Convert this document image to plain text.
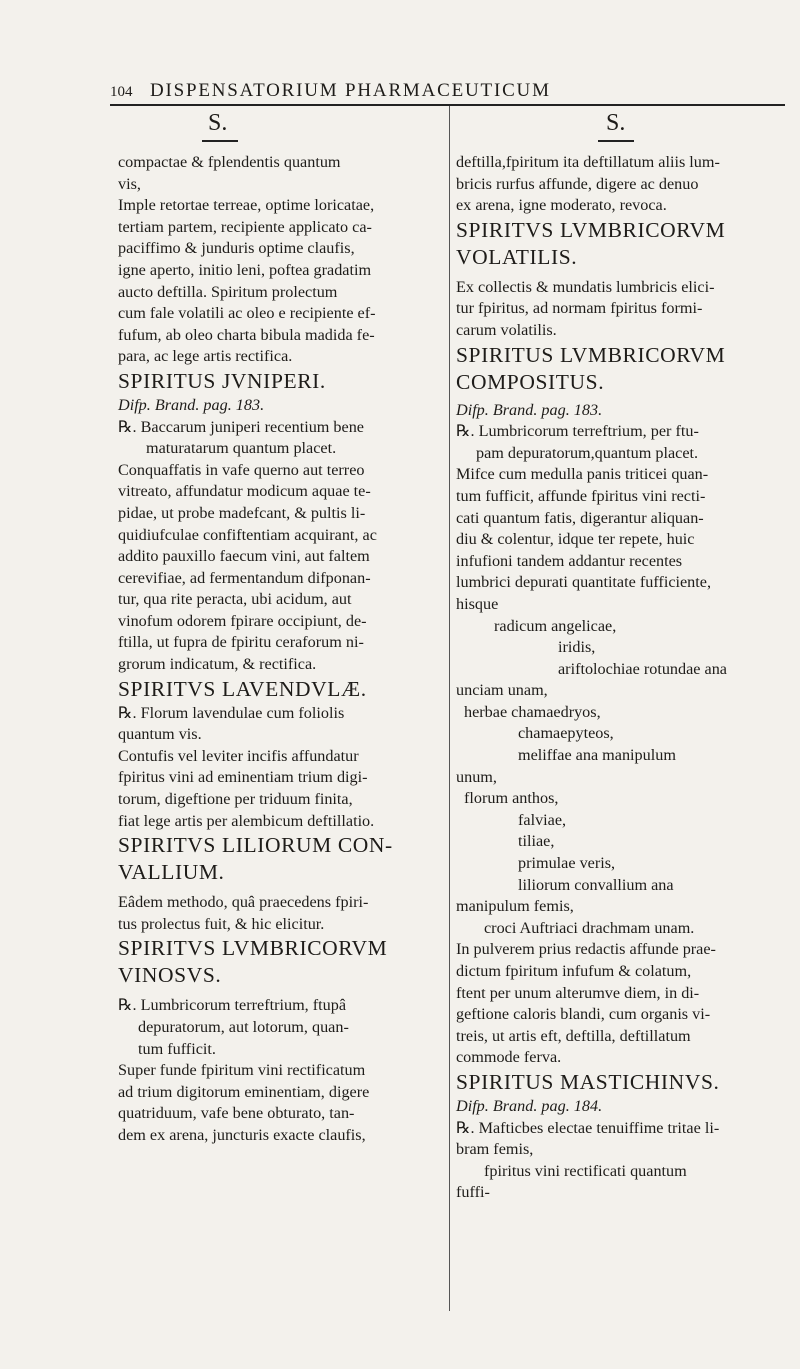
104 DISPENSATORIUM PHARMACEUTICUM
S.	S.

compactae & fplendentis quantum

vis,

Imple retortae terreae, optime loricatae,

tertiam partem, recipiente applicato ca-

paciffimo & junduris optime claufis,

igne aperto, initio leni, poftea gradatim

aucto deftilla. Spiritum prolectum

cum fale volatili ac oleo e recipiente ef-

fufum, ab oleo charta bibula madida fe-

para, ac lege artis rectifica.

SPIRITUS JVNIPERI.

Difp. Brand. pag. 183.

℞. Baccarum juniperi recentium bene

maturatarum quantum placet.

Conquaffatis in vafe querno aut terreo

vitreato, affundatur modicum aquae te-

pidae, ut probe madefcant, & pultis li-

quidiufculae confiftentiam acquirant, ac

addito pauxillo faecum vini, aut faltem

cerevifiae, ad fermentandum difponan-

tur, qua rite peracta, ubi acidum, aut

vinofum odorem fpirare occipiunt, de-

ftilla, ut fupra de fpiritu ceraforum ni-

grorum indicatum, & rectifica.

SPIRITVS LAVENDVLÆ.

℞. Florum lavendulae cum foliolis

quantum vis.

Contufis vel leviter incifis affundatur

fpiritus vini ad eminentiam trium digi-

torum, digeftione per triduum finita,

fiat lege artis per alembicum deftillatio.

SPIRITVS LILIORUM CON-
VALLIUM.

Eâdem methodo, quâ praecedens fpiri-

tus prolectus fuit, & hic elicitur.

SPIRITVS LVMBRICORVM
VINOSVS.

℞. Lumbricorum terreftrium, ftupâ

depuratorum, aut lotorum, quan-

tum fufficit.

Super funde fpiritum vini rectificatum

ad trium digitorum eminentiam, digere

quatriduum, vafe bene obturato, tan-

dem ex arena, juncturis exacte claufis,

deftilla,fpiritum ita deftillatum aliis lum-

bricis rurfus affunde, digere ac denuo

ex arena, igne moderato, revoca.

SPIRITVS LVMBRICORVM
VOLATILIS.

Ex collectis & mundatis lumbricis elici-

tur fpiritus, ad normam fpiritus formi-

carum volatilis.

SPIRITUS LVMBRICORVM
COMPOSITUS.

Difp. Brand. pag. 183.

℞. Lumbricorum terreftrium, per ftu-

pam depuratorum,quantum placet.

Mifce cum medulla panis triticei quan-

tum fufficit, affunde fpiritus vini recti-

cati quantum fatis, digerantur aliquan-

diu & colentur, idque ter repete, huic

infufioni tandem addantur recentes

lumbrici depurati quantitate fufficiente,

hisque

radicum angelicae,

iridis,

ariftolochiae rotundae ana

unciam unam,

herbae chamaedryos,

chamaepyteos,

meliffae ana manipulum

unum,

florum anthos,

falviae,

tiliae,

primulae veris,

liliorum convallium ana

manipulum femis,

croci Auftriaci drachmam unam.

In pulverem prius redactis affunde prae-

dictum fpiritum infufum & colatum,

ftent per unum alterumve diem, in di-

geftione caloris blandi, cum organis vi-

treis, ut artis eft, deftilla, deftillatum

commode ferva.

SPIRITUS MASTICHINVS.

Difp. Brand. pag. 184.

℞. Mafticbes electae tenuiffime tritae li-

bram femis,

fpiritus vini rectificati quantum

fuffi-
